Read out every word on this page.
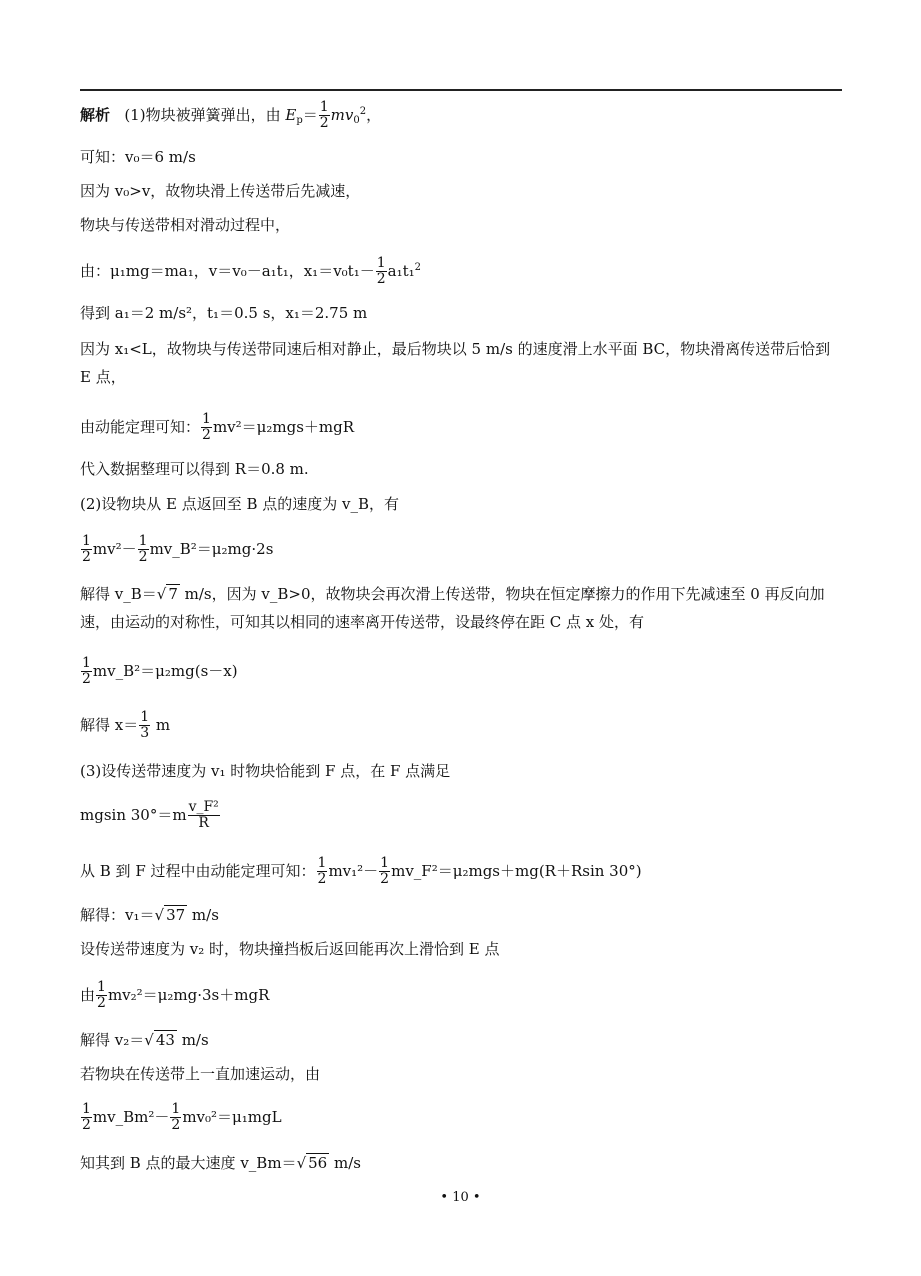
解析 (1)物块被弹簧弹出，由 $E_p= \frac{1}{2} mv_0^2$，
可知：v₀＝6 m/s
因为 v₀>v，故物块滑上传送带后先减速，
物块与传送带相对滑动过程中，
由：μ₁mg＝ma₁，v＝v₀－a₁t₁，$x_1=v_0t_1- \frac{1}{2} a_1t_1^2$
得到 a₁＝2 m/s²，t₁＝0.5 s，x₁＝2.75 m
因为 x₁<L，故物块与传送带同速后相对静止，最后物块以 5 m/s 的速度滑上水平面 BC，物块滑离传送带后恰到 E 点，
由动能定理可知： $\frac{1}{2} mv^2=\mu_2mgs+mgR$
代入数据整理可以得到 R＝0.8 m.
(2)设物块从 E 点返回至 B 点的速度为 v_B，有
$\frac{1}{2} mv^2- \frac{1}{2}$ mv_B²＝μ₂mg·2s
解得 v_B＝√ 7 m/s，因为 v_B>0，故物块会再次滑上传送带，物块在恒定摩擦力的作用下先减速至 0 再反向加速，由运动的对称性，可知其以相同的速率离开传送带，设最终停在距 C 点 x 处，有
$\frac{1}{2}$ mv_B²＝μ₂mg(s－x)
解得 $x= \frac{1}{3}$ m
(3)设传送带速度为 v₁ 时物块恰能到 F 点，在 F 点满足
mgsin $30^\circ=m \frac{\text{v\_F²}}{R}$
从 B 到 F 过程中由动能定理可知： $\frac{1}{2} mv_1^2- \frac{1}{2}$ mv_F²＝μ₂mgs＋mg(R＋Rsin 30°)
解得：v₁＝√ 37 m/s
设传送带速度为 v₂ 时，物块撞挡板后返回能再次上滑恰到 E 点
由 $\frac{1}{2} mv_2^2=\mu_2mg\cdot 3s+mgR$
解得 v₂＝√ 43 m/s
若物块在传送带上一直加速运动，由
$\frac{1}{2}$ mv_Bm²－ $\frac{1}{2} mv_0^2=\mu_1mgL$
知其到 B 点的最大速度 v_Bm＝√ 56 m/s
• 10 •
